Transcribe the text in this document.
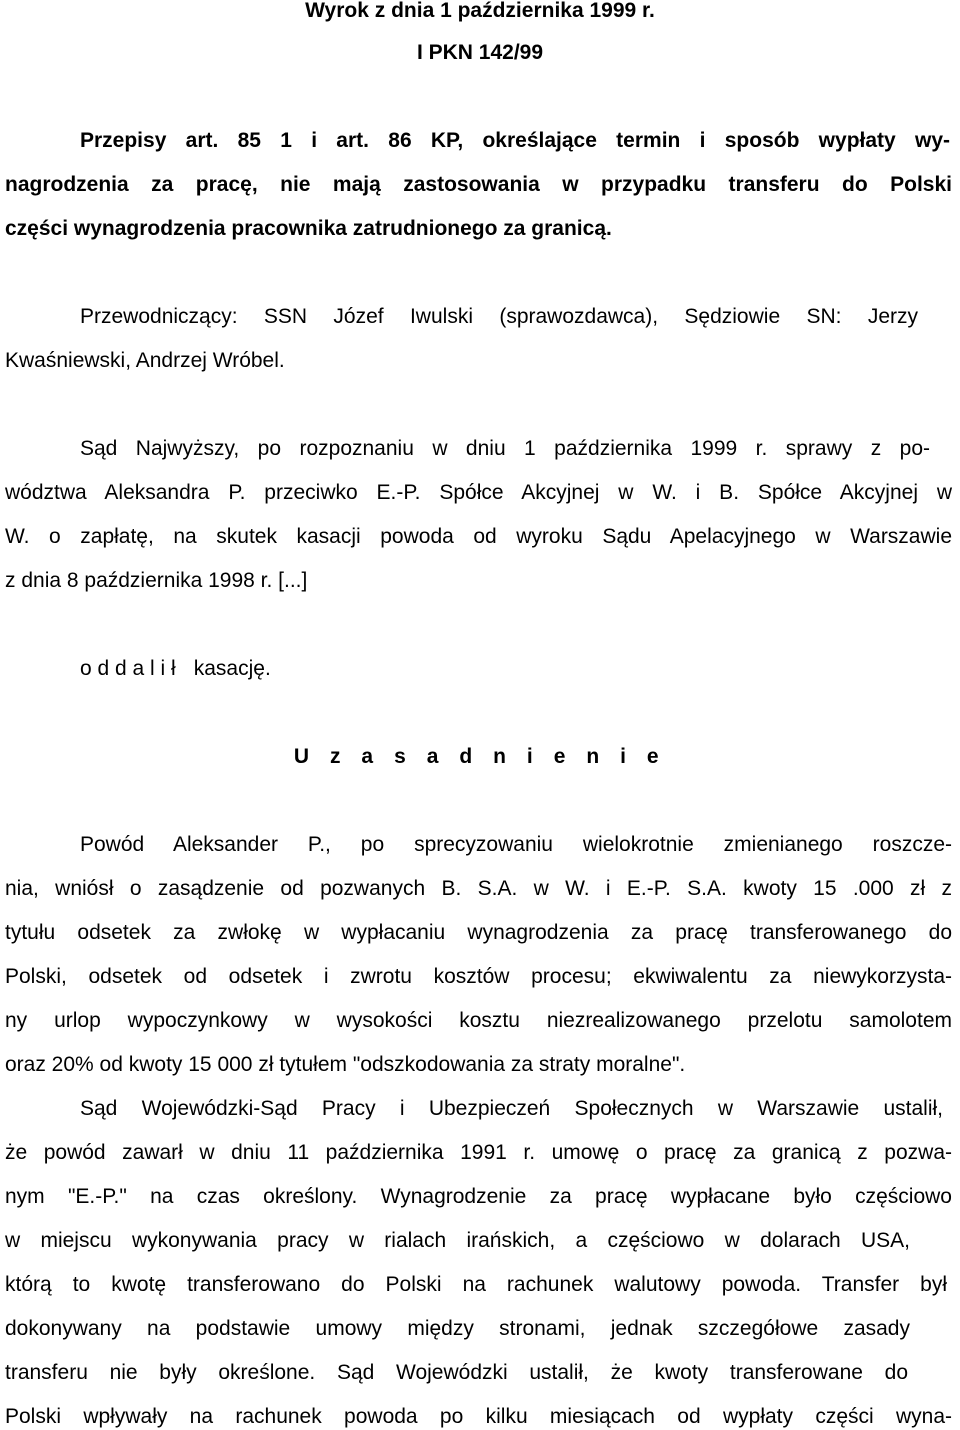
Wyrok z dnia 1 października 1999 r.
I PKN 142/99
Przepisy art. 85 1 i art. 86 KP, określające termin i sposób wypłaty wy-
nagrodzenia za pracę, nie mają zastosowania w przypadku transferu do Polski
części wynagrodzenia pracownika zatrudnionego za granicą.
Przewodniczący: SSN Józef Iwulski (sprawozdawca), Sędziowie SN: Jerzy
Kwaśniewski, Andrzej Wróbel.
Sąd Najwyższy, po rozpoznaniu w dniu 1 października 1999 r. sprawy z po-
wództwa Aleksandra P. przeciwko E.-P. Spółce Akcyjnej w W. i B. Spółce Akcyjnej w
W. o zapłatę, na skutek kasacji powoda od wyroku Sądu Apelacyjnego w Warszawie
z dnia 8 października 1998 r. [...]
o d d a l i ł kasację.
U z a s a d n i e n i e
Powód Aleksander P., po sprecyzowaniu wielokrotnie zmienianego roszcze-
nia, wniósł o zasądzenie od pozwanych B. S.A. w W. i E.-P. S.A. kwoty 15 .000 zł z
tytułu odsetek za zwłokę w wypłacaniu wynagrodzenia za pracę transferowanego do
Polski, odsetek od odsetek i zwrotu kosztów procesu; ekwiwalentu za niewykorzysta-
ny urlop wypoczynkowy w wysokości kosztu niezrealizowanego przelotu samolotem
oraz 20% od kwoty 15 000 zł tytułem "odszkodowania za straty moralne".
Sąd Wojewódzki-Sąd Pracy i Ubezpieczeń Społecznych w Warszawie ustalił,
że powód zawarł w dniu 11 października 1991 r. umowę o pracę za granicą z pozwa-
nym "E.-P." na czas określony. Wynagrodzenie za pracę wypłacane było częściowo
w miejscu wykonywania pracy w rialach irańskich, a częściowo w dolarach USA,
którą to kwotę transferowano do Polski na rachunek walutowy powoda. Transfer był
dokonywany na podstawie umowy między stronami, jednak szczegółowe zasady
transferu nie były określone. Sąd Wojewódzki ustalił, że kwoty transferowane do
Polski wpływały na rachunek powoda po kilku miesiącach od wypłaty części wyna-
